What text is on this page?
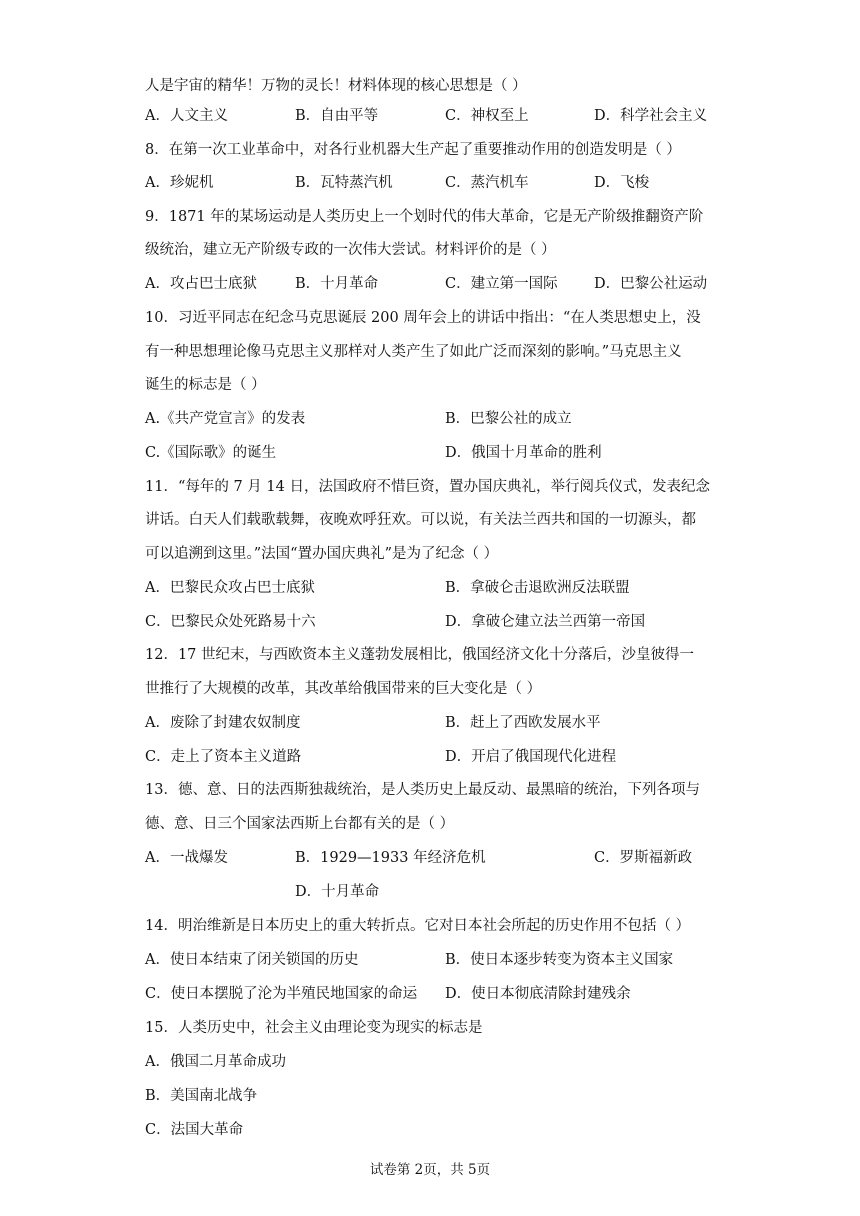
人是宇宙的精华！万物的灵长！材料体现的核心思想是（ ）
A．人文主义	B．自由平等	C．神权至上	D．科学社会主义
8．在第一次工业革命中，对各行业机器大生产起了重要推动作用的创造发明是（ ）
A．珍妮机	B．瓦特蒸汽机	C．蒸汽机车	D．飞梭
9．1871 年的某场运动是人类历史上一个划时代的伟大革命，它是无产阶级推翻资产阶
级统治，建立无产阶级专政的一次伟大尝试。材料评价的是（ ）
A．攻占巴士底狱	B．十月革命	C．建立第一国际	D．巴黎公社运动
10．习近平同志在纪念马克思诞辰 200 周年会上的讲话中指出：“在人类思想史上，没
有一种思想理论像马克思主义那样对人类产生了如此广泛而深刻的影响。”马克思主义
诞生的标志是（ ）
A.《共产党宣言》的发表	B．巴黎公社的成立
C.《国际歌》的诞生	D．俄国十月革命的胜利
11．“每年的 7 月 14 日，法国政府不惜巨资，置办国庆典礼，举行阅兵仪式，发表纪念
讲话。白天人们载歌载舞，夜晚欢呼狂欢。可以说，有关法兰西共和国的一切源头，都
可以追溯到这里。”法国“置办国庆典礼”是为了纪念（ ）
A．巴黎民众攻占巴士底狱	B．拿破仑击退欧洲反法联盟
C．巴黎民众处死路易十六	D．拿破仑建立法兰西第一帝国
12．17 世纪末，与西欧资本主义蓬勃发展相比，俄国经济文化十分落后，沙皇彼得一
世推行了大规模的改革，其改革给俄国带来的巨大变化是（ ）
A．废除了封建农奴制度	B．赶上了西欧发展水平
C．走上了资本主义道路	D．开启了俄国现代化进程
13．德、意、日的法西斯独裁统治，是人类历史上最反动、最黑暗的统治，下列各项与
德、意、日三个国家法西斯上台都有关的是（ ）
A．一战爆发	B．1929—1933 年经济危机	C．罗斯福新政
D．十月革命
14．明治维新是日本历史上的重大转折点。它对日本社会所起的历史作用不包括（ ）
A．使日本结束了闭关锁国的历史	B．使日本逐步转变为资本主义国家
C．使日本摆脱了沦为半殖民地国家的命运 D．使日本彻底清除封建残余
15．人类历史中，社会主义由理论变为现实的标志是
A．俄国二月革命成功
B．美国南北战争
C．法国大革命
试卷第 2页，共 5页
